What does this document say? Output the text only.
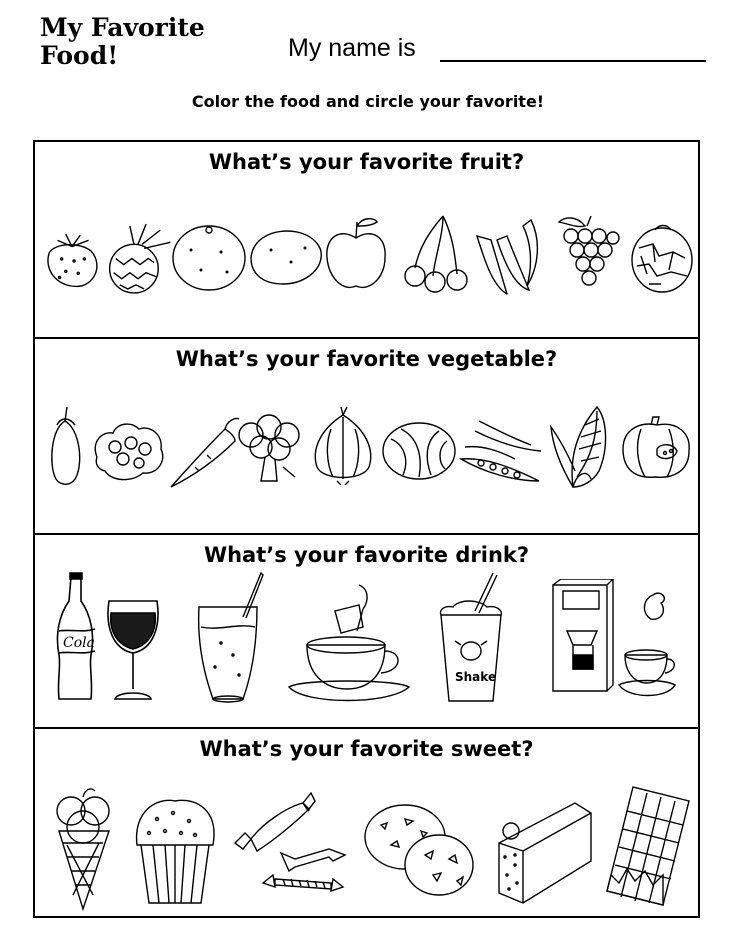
My Favorite
Food!	My name is
Color the food and circle your favorite!
What’s your favorite fruit?
What’s your favorite vegetable?
What’s your favorite drink?
Cola
Shake
What’s your favorite sweet?
